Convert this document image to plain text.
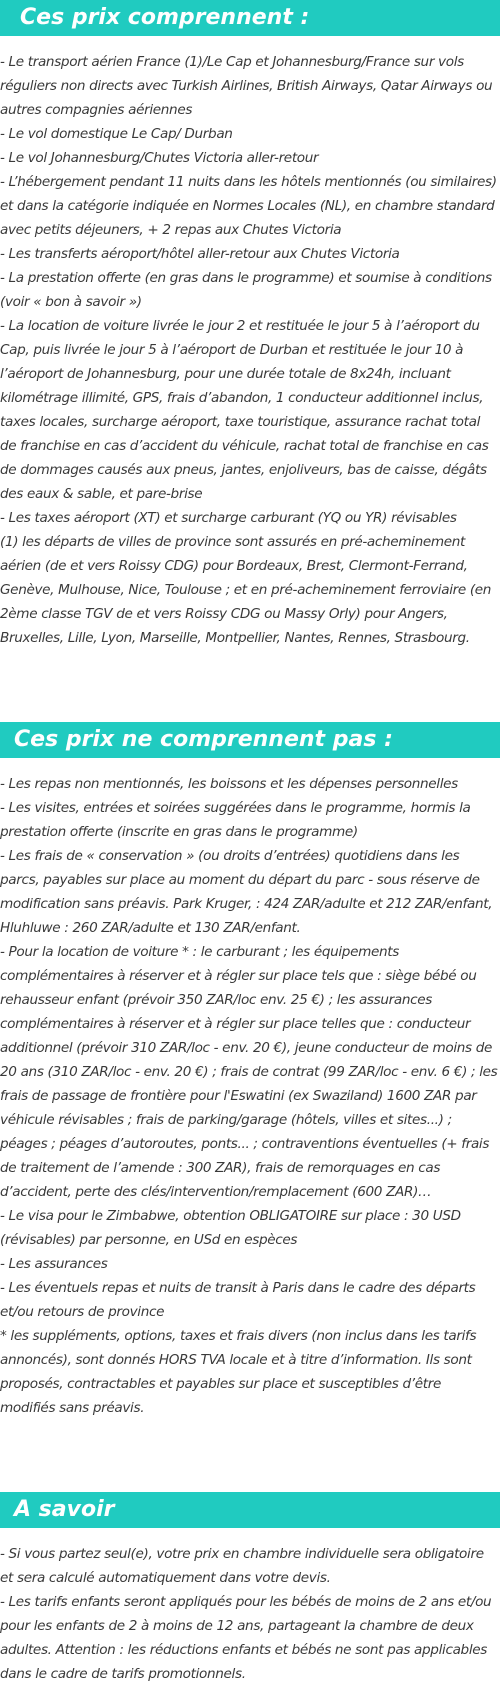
Ces prix comprennent :

- Le transport aérien France (1)/Le Cap et Johannesburg/France sur vols réguliers non directs avec Turkish Airlines, British Airways, Qatar Airways ou autres compagnies aériennes

- Le vol domestique Le Cap/ Durban

- Le vol Johannesburg/Chutes Victoria aller-retour

- L’hébergement pendant 11 nuits dans les hôtels mentionnés (ou similaires) et dans la catégorie indiquée en Normes Locales (NL), en chambre standard avec petits déjeuners, + 2 repas aux Chutes Victoria

- Les transferts aéroport/hôtel aller-retour aux Chutes Victoria

- La prestation offerte (en gras dans le programme) et soumise à conditions (voir « bon à savoir »)

- La location de voiture livrée le jour 2 et restituée le jour 5 à l’aéroport du Cap, puis livrée le jour 5 à l’aéroport de Durban et restituée le jour 10 à l’aéroport de Johannesburg, pour une durée totale de 8x24h, incluant kilométrage illimité, GPS, frais d’abandon, 1 conducteur additionnel inclus, taxes locales, surcharge aéroport, taxe touristique, assurance rachat total de franchise en cas d’accident du véhicule, rachat total de franchise en cas de dommages causés aux pneus, jantes, enjoliveurs, bas de caisse, dégâts des eaux & sable, et pare-brise

- Les taxes aéroport (XT) et surcharge carburant (YQ ou YR) révisables

(1) les départs de villes de province sont assurés en pré-acheminement aérien (de et vers Roissy CDG) pour Bordeaux, Brest, Clermont-Ferrand, Genève, Mulhouse, Nice, Toulouse ; et en pré-acheminement ferroviaire (en 2ème classe TGV de et vers Roissy CDG ou Massy Orly) pour Angers, Bruxelles, Lille, Lyon, Marseille, Montpellier, Nantes, Rennes, Strasbourg.

Ces prix ne comprennent pas :

- Les repas non mentionnés, les boissons et les dépenses personnelles

- Les visites, entrées et soirées suggérées dans le programme, hormis la prestation offerte (inscrite en gras dans le programme)

- Les frais de « conservation » (ou droits d’entrées) quotidiens dans les parcs, payables sur place au moment du départ du parc - sous réserve de modification sans préavis. Park Kruger, : 424 ZAR/adulte et 212 ZAR/enfant, Hluhluwe : 260 ZAR/adulte et 130 ZAR/enfant.

- Pour la location de voiture * : le carburant ; les équipements complémentaires à réserver et à régler sur place tels que : siège bébé ou rehausseur enfant (prévoir 350 ZAR/loc env. 25 €) ; les assurances complémentaires à réserver et à régler sur place telles que : conducteur additionnel (prévoir 310 ZAR/loc - env. 20 €), jeune conducteur de moins de 20 ans (310 ZAR/loc - env. 20 €) ; frais de contrat (99 ZAR/loc - env. 6 €) ; les frais de passage de frontière pour l'Eswatini (ex Swaziland) 1600 ZAR par véhicule révisables ; frais de parking/garage (hôtels, villes et sites...) ; péages ; péages d’autoroutes, ponts... ; contraventions éventuelles (+ frais de traitement de l’amende : 300 ZAR), frais de remorquages en cas d’accident, perte des clés/intervention/remplacement (600 ZAR)…

- Le visa pour le Zimbabwe, obtention OBLIGATOIRE sur place : 30 USD (révisables) par personne, en USd en espèces

- Les assurances

- Les éventuels repas et nuits de transit à Paris dans le cadre des départs et/ou retours de province

* les suppléments, options, taxes et frais divers (non inclus dans les tarifs annoncés), sont donnés HORS TVA locale et à titre d’information. Ils sont proposés, contractables et payables sur place et susceptibles d’être modifiés sans préavis.

A savoir

- Si vous partez seul(e), votre prix en chambre individuelle sera obligatoire et sera calculé automatiquement dans votre devis.

- Les tarifs enfants seront appliqués pour les bébés de moins de 2 ans et/ou pour les enfants de 2 à moins de 12 ans, partageant la chambre de deux adultes. Attention : les réductions enfants et bébés ne sont pas applicables dans le cadre de tarifs promotionnels.
